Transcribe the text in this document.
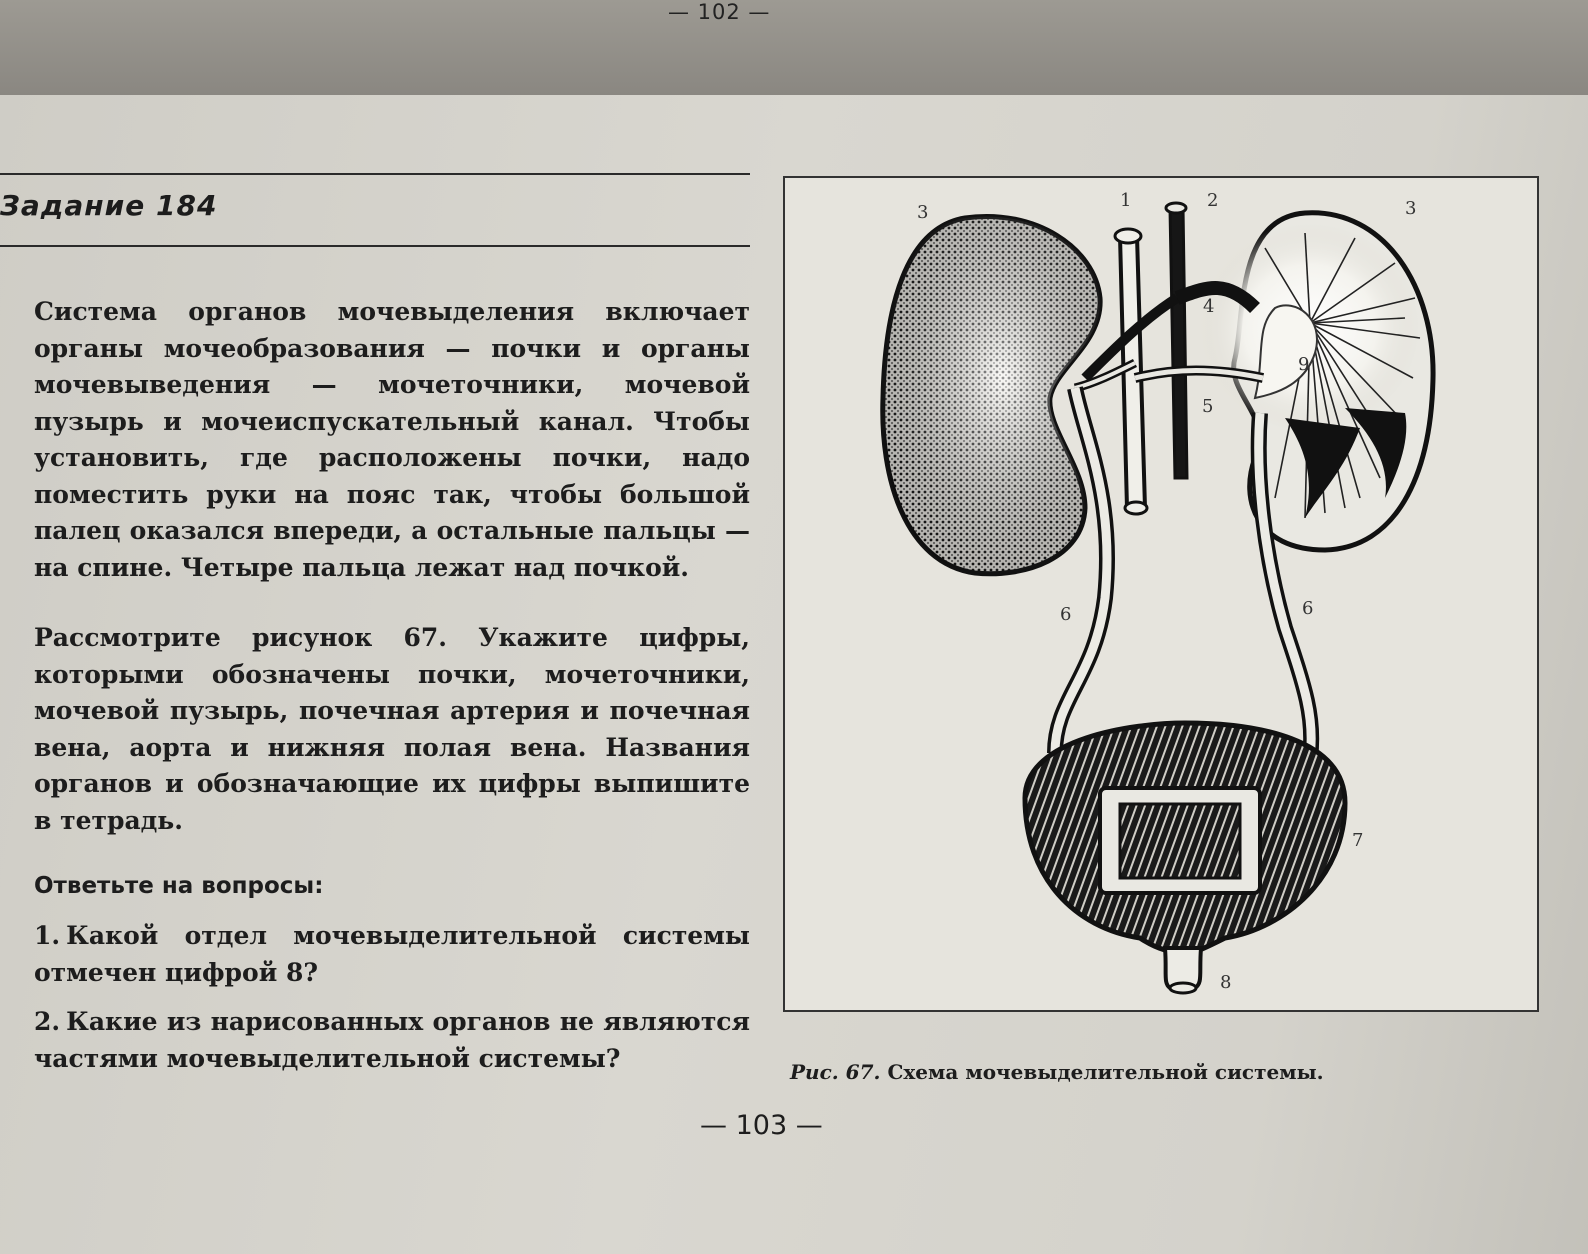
— 102 —
Задание 184
Система органов мочевыделения включает органы мочеобразования — почки и органы мочевыведения — мочеточники, мочевой пузырь и мочеиспускательный канал. Чтобы установить, где расположены почки, надо поместить руки на пояс так, чтобы большой палец оказался впереди, а остальные пальцы — на спине. Четыре пальца лежат над почкой.
Рассмотрите рисунок 67. Укажите цифры, которыми обозначены почки, мочеточники, мочевой пузырь, почечная артерия и почечная вена, аорта и нижняя полая вена. Названия органов и обозначающие их цифры выпишите в тетрадь.
Ответьте на вопросы:
1. Какой отдел мочевыделительной системы отмечен цифрой 8?
2. Какие из нарисованных органов не являются частями мочевыделительной системы?
3
1	2	3
4
9
5
6	6
7
8
Рис. 67. Схема мочевыделительной системы.
— 103 —
